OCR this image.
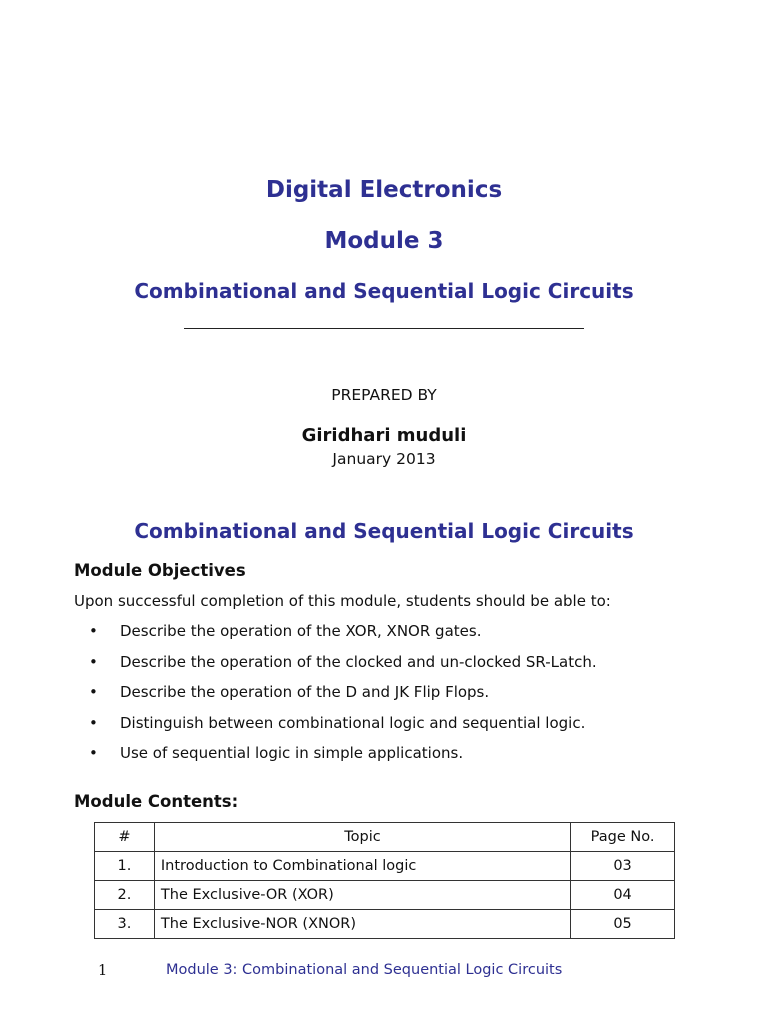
Digital Electronics
Module 3
Combinational and Sequential Logic Circuits
PREPARED BY
Giridhari muduli
January 2013
Combinational and Sequential Logic Circuits
Module Objectives
Upon successful completion of this module, students should be able to:
• Describe the operation of the XOR, XNOR gates.
• Describe the operation of the clocked and un-clocked SR-Latch.
• Describe the operation of the D and JK Flip Flops.
• Distinguish between combinational logic and sequential logic.
• Use of sequential logic in simple applications.
Module Contents:
#	Topic	Page No.
1.	Introduction to Combinational logic	03
2.	The Exclusive-OR (XOR)	04
3.	The Exclusive-NOR (XNOR)	05
1	Module 3: Combinational and Sequential Logic Circuits
